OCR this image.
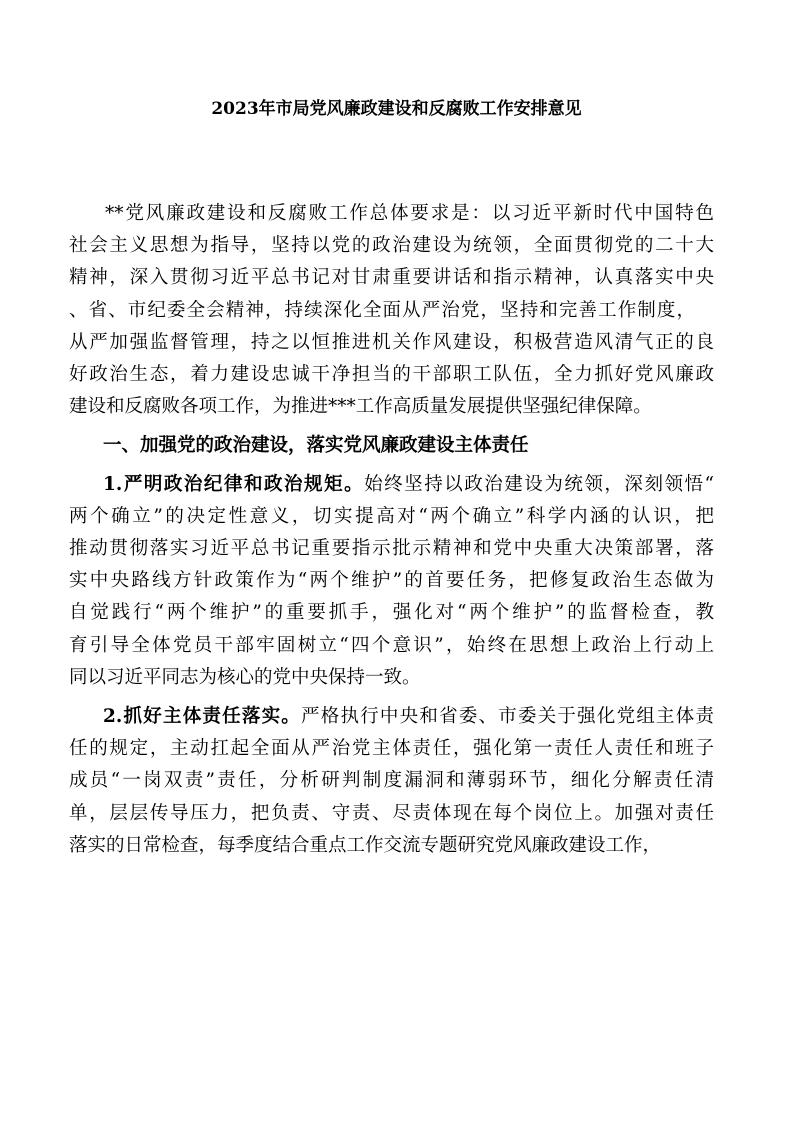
2023年市局党风廉政建设和反腐败工作安排意见
**党风廉政建设和反腐败工作总体要求是：以习近平新时代中国特色
社会主义思想为指导，坚持以党的政治建设为统领，全面贯彻党的二十大
精神，深入贯彻习近平总书记对甘肃重要讲话和指示精神，认真落实中央
、省、市纪委全会精神，持续深化全面从严治党，坚持和完善工作制度，
从严加强监督管理，持之以恒推进机关作风建设，积极营造风清气正的良
好政治生态，着力建设忠诚干净担当的干部职工队伍，全力抓好党风廉政
建设和反腐败各项工作，为推进***工作高质量发展提供坚强纪律保障。
一、加强党的政治建设，落实党风廉政建设主体责任
1.严明政治纪律和政治规矩。始终坚持以政治建设为统领，深刻领悟“
两个确立”的决定性意义，切实提高对“两个确立”科学内涵的认识，把
推动贯彻落实习近平总书记重要指示批示精神和党中央重大决策部署，落
实中央路线方针政策作为“两个维护”的首要任务，把修复政治生态做为
自觉践行“两个维护”的重要抓手，强化对“两个维护”的监督检查，教
育引导全体党员干部牢固树立“四个意识”，始终在思想上政治上行动上
同以习近平同志为核心的党中央保持一致。
2.抓好主体责任落实。严格执行中央和省委、市委关于强化党组主体责
任的规定，主动扛起全面从严治党主体责任，强化第一责任人责任和班子
成员“一岗双责”责任，分析研判制度漏洞和薄弱环节，细化分解责任清
单，层层传导压力，把负责、守责、尽责体现在每个岗位上。加强对责任
落实的日常检查，每季度结合重点工作交流专题研究党风廉政建设工作，
